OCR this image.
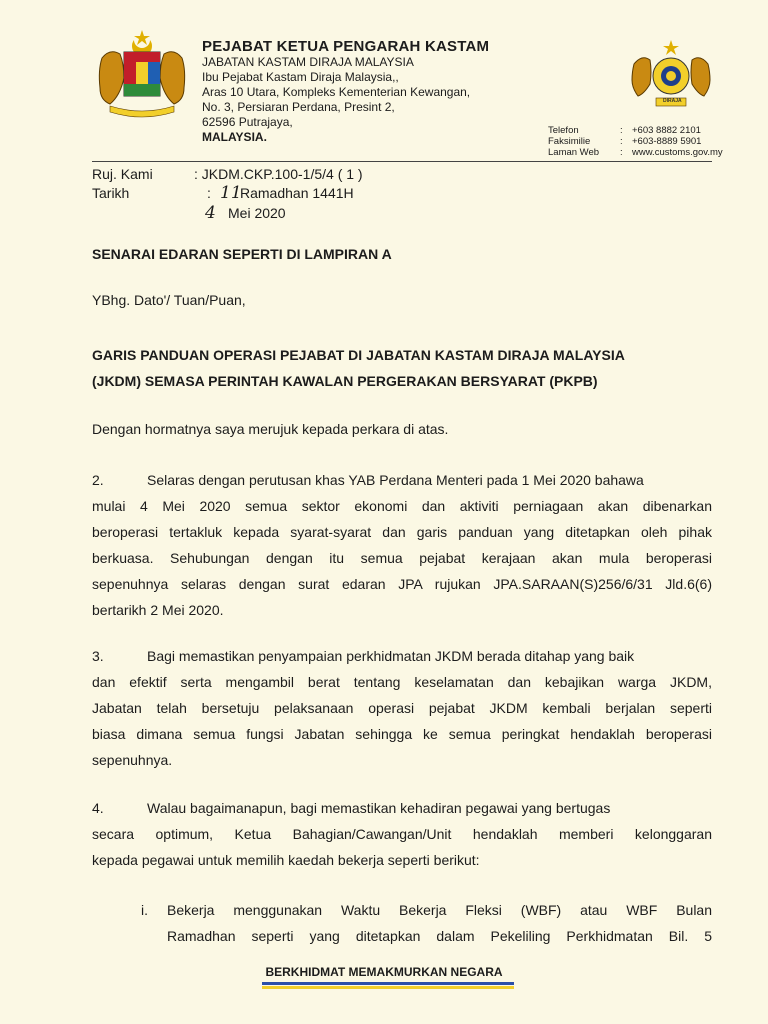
PEJABAT KETUA PENGARAH KASTAM
JABATAN KASTAM DIRAJA MALAYSIA
Ibu Pejabat Kastam Diraja Malaysia,,
Aras 10 Utara, Kompleks Kementerian Kewangan,
No. 3, Persiaran Perdana, Presint 2,
62596 Putrajaya,
MALAYSIA.
DIRAJA
Telefon	: +603 8882 2101
Faksimilie	: +603-8889 5901
Laman Web : www.customs.gov.my
Ruj. Kami	: JKDM.CKP.100-1/5/4 ( 1 )
Tarikh	: 11
Ramadhan 1441H
4 Mei 2020
SENARAI EDARAN SEPERTI DI LAMPIRAN A
YBhg. Dato'/ Tuan/Puan,
GARIS PANDUAN OPERASI PEJABAT DI JABATAN KASTAM DIRAJA MALAYSIA
(JKDM) SEMASA PERINTAH KAWALAN PERGERAKAN BERSYARAT (PKPB)
Dengan hormatnya saya merujuk kepada perkara di atas.
2.	Selaras dengan perutusan khas YAB Perdana Menteri pada 1 Mei 2020 bahawa
mulai 4 Mei 2020 semua sektor ekonomi dan aktiviti perniagaan akan dibenarkan
beroperasi tertakluk kepada syarat-syarat dan garis panduan yang ditetapkan oleh pihak
berkuasa. Sehubungan dengan itu semua pejabat kerajaan akan mula beroperasi
sepenuhnya selaras dengan surat edaran JPA rujukan JPA.SARAAN(S)256/6/31 Jld.6(6)
bertarikh 2 Mei 2020.
3.	Bagi memastikan penyampaian perkhidmatan JKDM berada ditahap yang baik
dan efektif serta mengambil berat tentang keselamatan dan kebajikan warga JKDM,
Jabatan telah bersetuju pelaksanaan operasi pejabat JKDM kembali berjalan seperti
biasa dimana semua fungsi Jabatan sehingga ke semua peringkat hendaklah beroperasi
sepenuhnya.
4.	Walau bagaimanapun, bagi memastikan kehadiran pegawai yang bertugas
secara optimum, Ketua Bahagian/Cawangan/Unit hendaklah memberi kelonggaran
kepada pegawai untuk memilih kaedah bekerja seperti berikut:
i. Bekerja menggunakan Waktu Bekerja Fleksi (WBF) atau WBF Bulan
Ramadhan seperti yang ditetapkan dalam Pekeliling Perkhidmatan Bil. 5
BERKHIDMAT MEMAKMURKAN NEGARA
